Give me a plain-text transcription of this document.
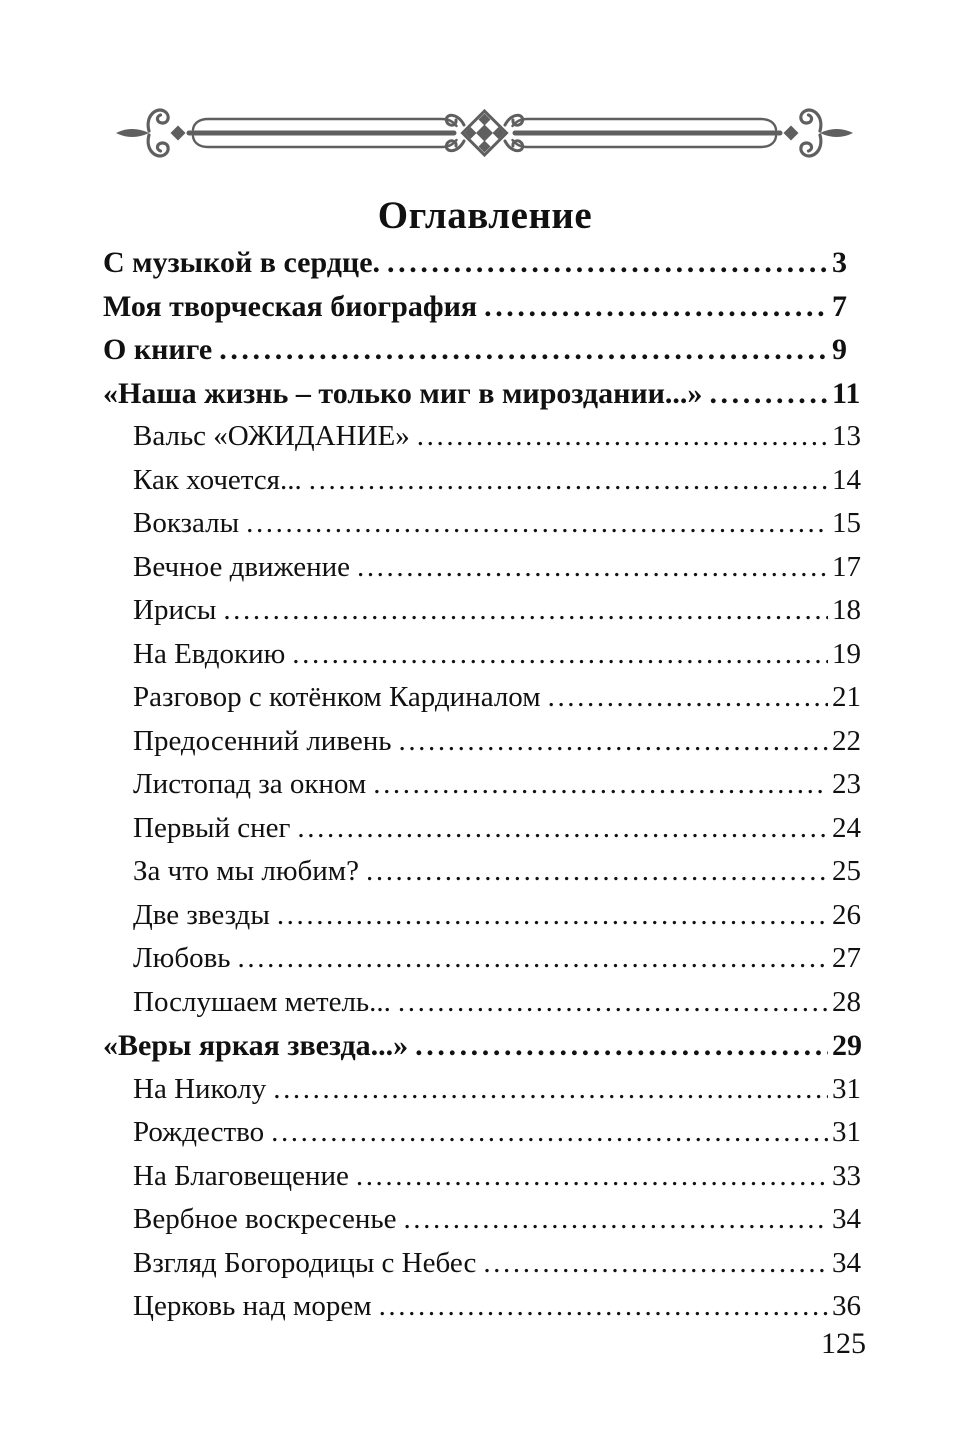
Оглавление
С музыкой в сердце. .....	3
Моя творческая биография .....	7
О книге .....	9
«Наша жизнь – только миг в мироздании...» .....	11
Вальс «ОЖИДАНИЕ» .....	13
Как хочется... .....	14
Вокзалы .....	15
Вечное движение .....	17
Ирисы .....	18
На Евдокию .....	19
Разговор с котёнком Кардиналом .....	21
Предосенний ливень .....	22
Листопад за окном .....	23
Первый снег .....	24
За что мы любим? .....	25
Две звезды .....	26
Любовь .....	27
Послушаем метель... .....	28
«Веры яркая звезда...» .....	29
На Николу .....	31
Рождество .....	31
На Благовещение .....	33
Вербное воскресенье .....	34
Взгляд Богородицы с Небес .....	34
Церковь над морем .....	36
125
